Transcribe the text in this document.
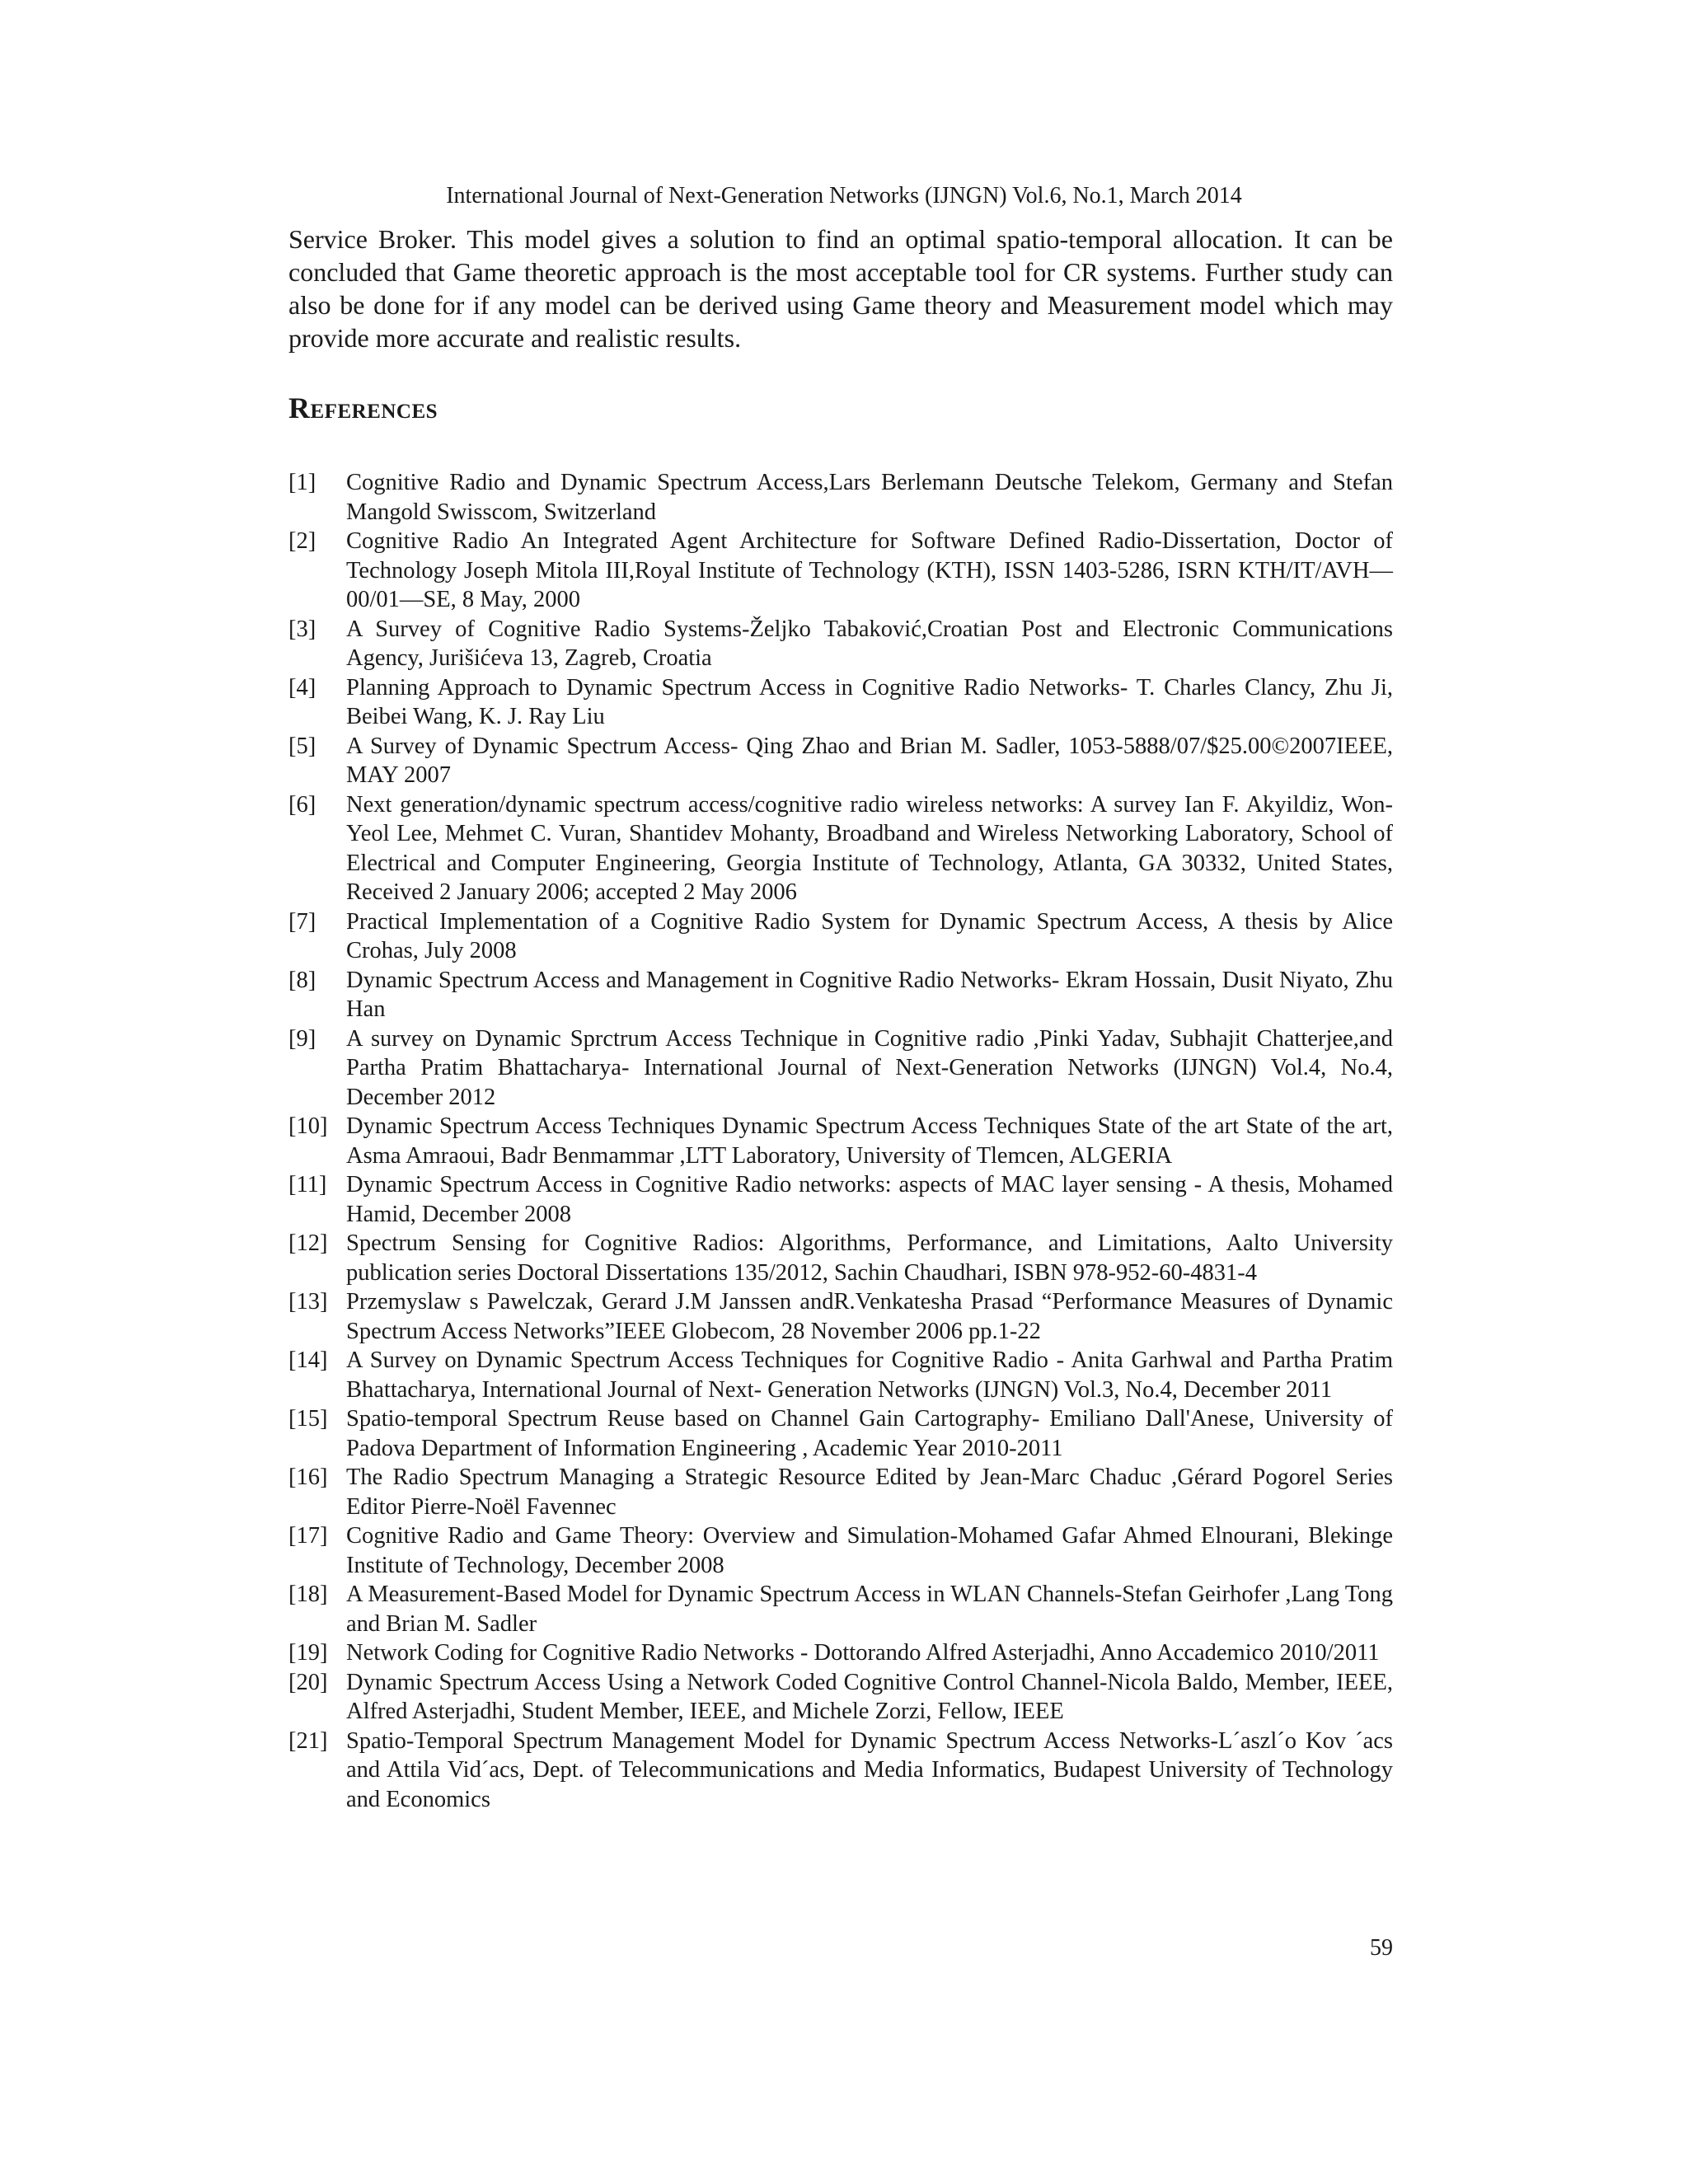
International Journal of Next-Generation Networks (IJNGN) Vol.6, No.1, March 2014

Service Broker. This model gives a solution to find an optimal spatio-temporal allocation. It can be concluded that Game theoretic approach is the most acceptable tool for CR systems. Further study can also be done for if any model can be derived using Game theory and Measurement model which may provide more accurate and realistic results.

References
[1]	Cognitive Radio and Dynamic Spectrum Access,Lars Berlemann Deutsche Telekom, Germany and Stefan Mangold Swisscom, Switzerland
[2]	Cognitive Radio An Integrated Agent Architecture for Software Defined Radio-Dissertation, Doctor of Technology Joseph Mitola III,Royal Institute of Technology (KTH), ISSN 1403-5286, ISRN KTH/IT/AVH—00/01—SE, 8 May, 2000
[3]	A Survey of Cognitive Radio Systems-Željko Tabaković,Croatian Post and Electronic Communications Agency, Jurišićeva 13, Zagreb, Croatia
[4]	Planning Approach to Dynamic Spectrum Access in Cognitive Radio Networks- T. Charles Clancy, Zhu Ji, Beibei Wang, K. J. Ray Liu
[5]	A Survey of Dynamic Spectrum Access- Qing Zhao and Brian M. Sadler, 1053-5888/07/$25.00©2007IEEE, MAY 2007
[6]	Next generation/dynamic spectrum access/cognitive radio wireless networks: A survey Ian F. Akyildiz, Won-Yeol Lee, Mehmet C. Vuran, Shantidev Mohanty, Broadband and Wireless Networking Laboratory, School of Electrical and Computer Engineering, Georgia Institute of Technology, Atlanta, GA 30332, United States, Received 2 January 2006; accepted 2 May 2006
[7]	Practical Implementation of a Cognitive Radio System for Dynamic Spectrum Access, A thesis by Alice Crohas, July 2008
[8]	Dynamic Spectrum Access and Management in Cognitive Radio Networks- Ekram Hossain, Dusit Niyato, Zhu Han
[9]	A survey on Dynamic Sprctrum Access Technique in Cognitive radio ,Pinki Yadav, Subhajit Chatterjee,and Partha Pratim Bhattacharya- International Journal of Next-Generation Networks (IJNGN) Vol.4, No.4, December 2012
[10] Dynamic Spectrum Access Techniques Dynamic Spectrum Access Techniques State of the art State of the art, Asma Amraoui, Badr Benmammar ,LTT Laboratory, University of Tlemcen, ALGERIA
[11] Dynamic Spectrum Access in Cognitive Radio networks: aspects of MAC layer sensing - A thesis, Mohamed Hamid, December 2008
[12] Spectrum Sensing for Cognitive Radios: Algorithms, Performance, and Limitations, Aalto University publication series Doctoral Dissertations 135/2012, Sachin Chaudhari, ISBN 978-952-60-4831-4
[13] Przemyslaw s Pawelczak, Gerard J.M Janssen andR.Venkatesha Prasad “Performance Measures of Dynamic Spectrum Access Networks”IEEE Globecom, 28 November 2006 pp.1-22
[14] A Survey on Dynamic Spectrum Access Techniques for Cognitive Radio - Anita Garhwal and Partha Pratim Bhattacharya, International Journal of Next- Generation Networks (IJNGN) Vol.3, No.4, December 2011
[15] Spatio-temporal Spectrum Reuse based on Channel Gain Cartography- Emiliano Dall'Anese, University of Padova Department of Information Engineering , Academic Year 2010-2011
[16] The Radio Spectrum Managing a Strategic Resource Edited by Jean-Marc Chaduc ,Gérard Pogorel Series Editor Pierre-Noël Favennec
[17] Cognitive Radio and Game Theory: Overview and Simulation-Mohamed Gafar Ahmed Elnourani, Blekinge Institute of Technology, December 2008
[18] A Measurement-Based Model for Dynamic Spectrum Access in WLAN Channels-Stefan Geirhofer ,Lang Tong and Brian M. Sadler
[19] Network Coding for Cognitive Radio Networks - Dottorando Alfred Asterjadhi, Anno Accademico 2010/2011
[20] Dynamic Spectrum Access Using a Network Coded Cognitive Control Channel-Nicola Baldo, Member, IEEE, Alfred Asterjadhi, Student Member, IEEE, and Michele Zorzi, Fellow, IEEE
[21] Spatio-Temporal Spectrum Management Model for Dynamic Spectrum Access Networks-L´aszl´o Kov ´acs and Attila Vid´acs, Dept. of Telecommunications and Media Informatics, Budapest University of Technology and Economics
59
